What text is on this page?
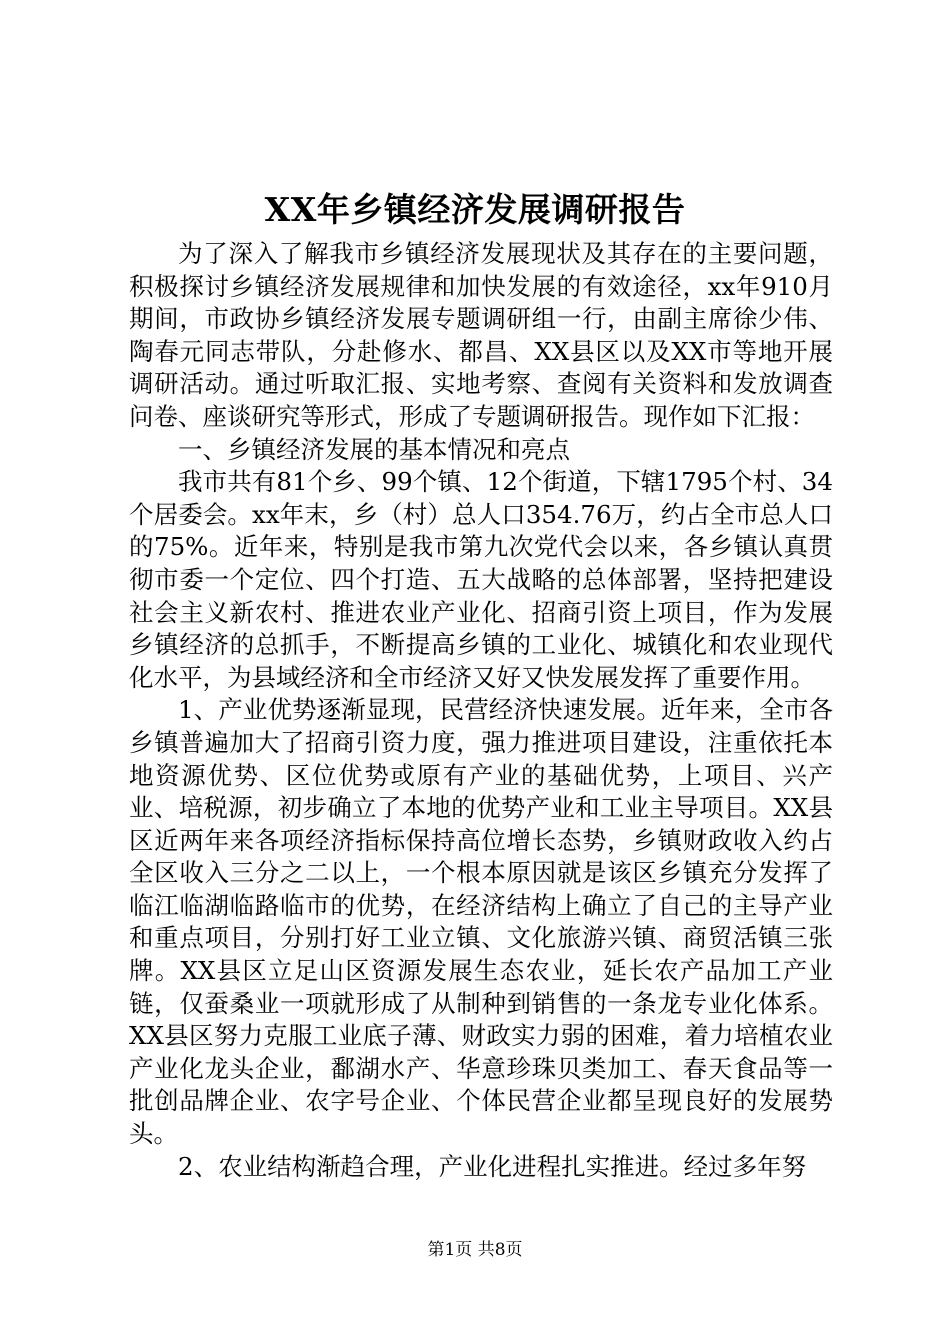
XX年乡镇经济发展调研报告

为了深入了解我市乡镇经济发展现状及其存在的主要问题，积极探讨乡镇经济发展规律和加快发展的有效途径，xx年910月期间，市政协乡镇经济发展专题调研组一行，由副主席徐少伟、陶春元同志带队，分赴修水、都昌、XX县区以及XX市等地开展调研活动。通过听取汇报、实地考察、查阅有关资料和发放调查问卷、座谈研究等形式，形成了专题调研报告。现作如下汇报：

一、乡镇经济发展的基本情况和亮点

我市共有81个乡、99个镇、12个街道，下辖1795个村、34个居委会。xx年末，乡（村）总人口354.76万，约占全市总人口的75%。近年来，特别是我市第九次党代会以来，各乡镇认真贯彻市委一个定位、四个打造、五大战略的总体部署，坚持把建设社会主义新农村、推进农业产业化、招商引资上项目，作为发展乡镇经济的总抓手，不断提高乡镇的工业化、城镇化和农业现代化水平，为县域经济和全市经济又好又快发展发挥了重要作用。

1、产业优势逐渐显现，民营经济快速发展。近年来，全市各乡镇普遍加大了招商引资力度，强力推进项目建设，注重依托本地资源优势、区位优势或原有产业的基础优势，上项目、兴产业、培税源，初步确立了本地的优势产业和工业主导项目。XX县区近两年来各项经济指标保持高位增长态势，乡镇财政收入约占全区收入三分之二以上，一个根本原因就是该区乡镇充分发挥了临江临湖临路临市的优势，在经济结构上确立了自己的主导产业和重点项目，分别打好工业立镇、文化旅游兴镇、商贸活镇三张牌。XX县区立足山区资源发展生态农业，延长农产品加工产业链，仅蚕桑业一项就形成了从制种到销售的一条龙专业化体系。XX县区努力克服工业底子薄、财政实力弱的困难，着力培植农业产业化龙头企业，鄱湖水产、华意珍珠贝类加工、春天食品等一批创品牌企业、农字号企业、个体民营企业都呈现良好的发展势头。

2、农业结构渐趋合理，产业化进程扎实推进。经过多年努

第1页 共8页
